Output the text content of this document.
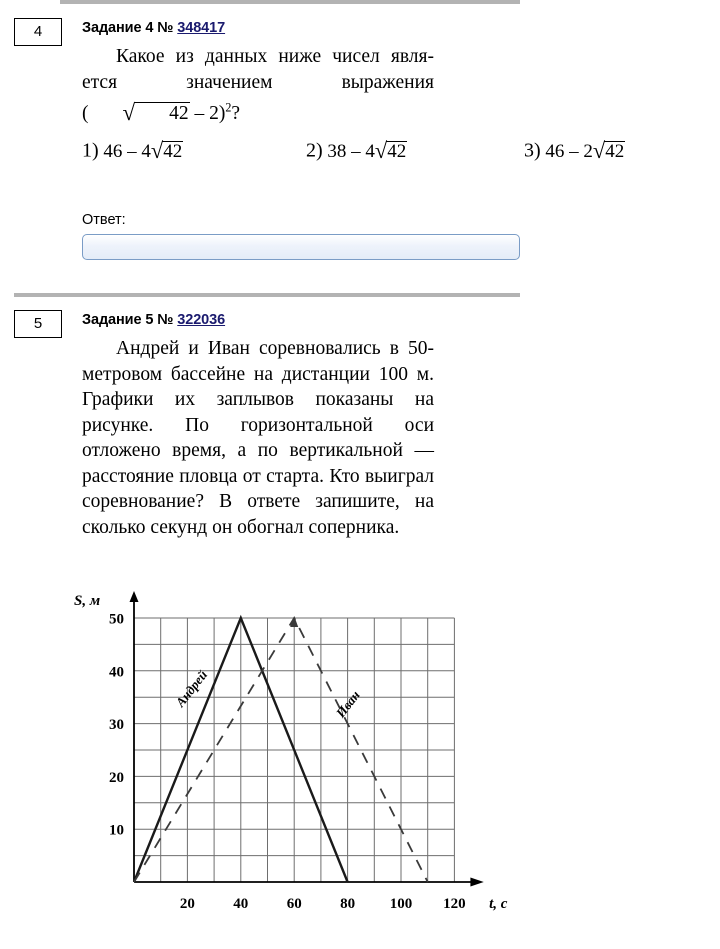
4	Задание 4 № 348417
Какое из данных ниже чисел явля- ется значением выражения ( √ 42 – 2)$^2$?
1) 46 – 4√42	2) 38 – 4√42	3) 46 – 2√42
Ответ:
5	Задание 5 № 322036
Андрей и Иван соревновались в 50-метровом бассейне на дистанции 100 м. Графики их заплывов показаны на рисунке. По горизонтальной оси отложено время, а по вертикальной — расстояние пловца от старта. Кто выиграл соревнование? В ответе запишите, на сколько секунд он обогнал соперника.
20	40	60	80 100 120
10
20
30
40
50
S, м
t, с
Андрей	Иван
